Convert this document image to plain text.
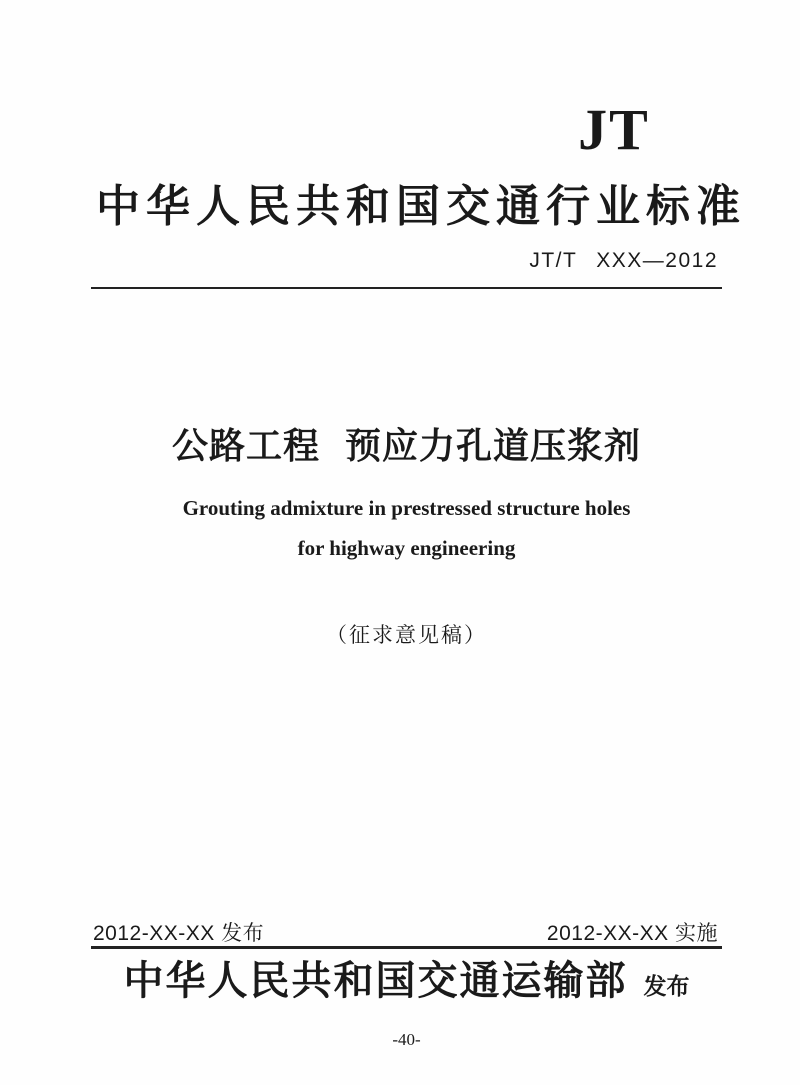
JT
中华人民共和国交通行业标准
JT/T XXX—2012
公路工程 预应力孔道压浆剂
Grouting admixture in prestressed structure holes
for highway engineering
（征求意见稿）
2012-XX-XX 发布	2012-XX-XX 实施
中华人民共和国交通运输部 发布
-40-
